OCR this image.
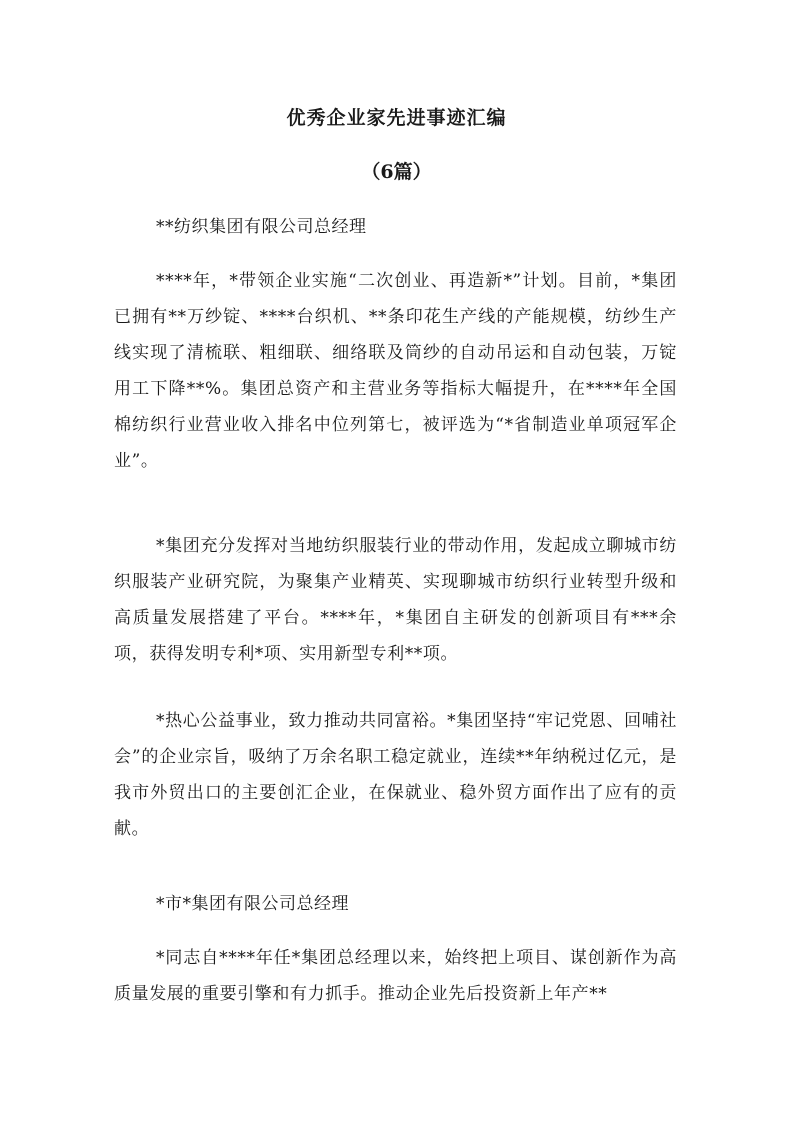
优秀企业家先进事迹汇编
（6篇）
**纺织集团有限公司总经理
****年，*带领企业实施“二次创业、再造新*”计划。目前，*集团已拥有**万纱锭、****台织机、**条印花生产线的产能规模，纺纱生产线实现了清梳联、粗细联、细络联及筒纱的自动吊运和自动包装，万锭用工下降**%。集团总资产和主营业务等指标大幅提升，在****年全国棉纺织行业营业收入排名中位列第七，被评选为“*省制造业单项冠军企业”。
*集团充分发挥对当地纺织服装行业的带动作用，发起成立聊城市纺织服装产业研究院，为聚集产业精英、实现聊城市纺织行业转型升级和高质量发展搭建了平台。****年，*集团自主研发的创新项目有***余项，获得发明专利*项、实用新型专利**项。
*热心公益事业，致力推动共同富裕。*集团坚持“牢记党恩、回哺社会”的企业宗旨，吸纳了万余名职工稳定就业，连续**年纳税过亿元，是我市外贸出口的主要创汇企业，在保就业、稳外贸方面作出了应有的贡献。
*市*集团有限公司总经理
*同志自****年任*集团总经理以来，始终把上项目、谋创新作为高质量发展的重要引擎和有力抓手。推动企业先后投资新上年产**
